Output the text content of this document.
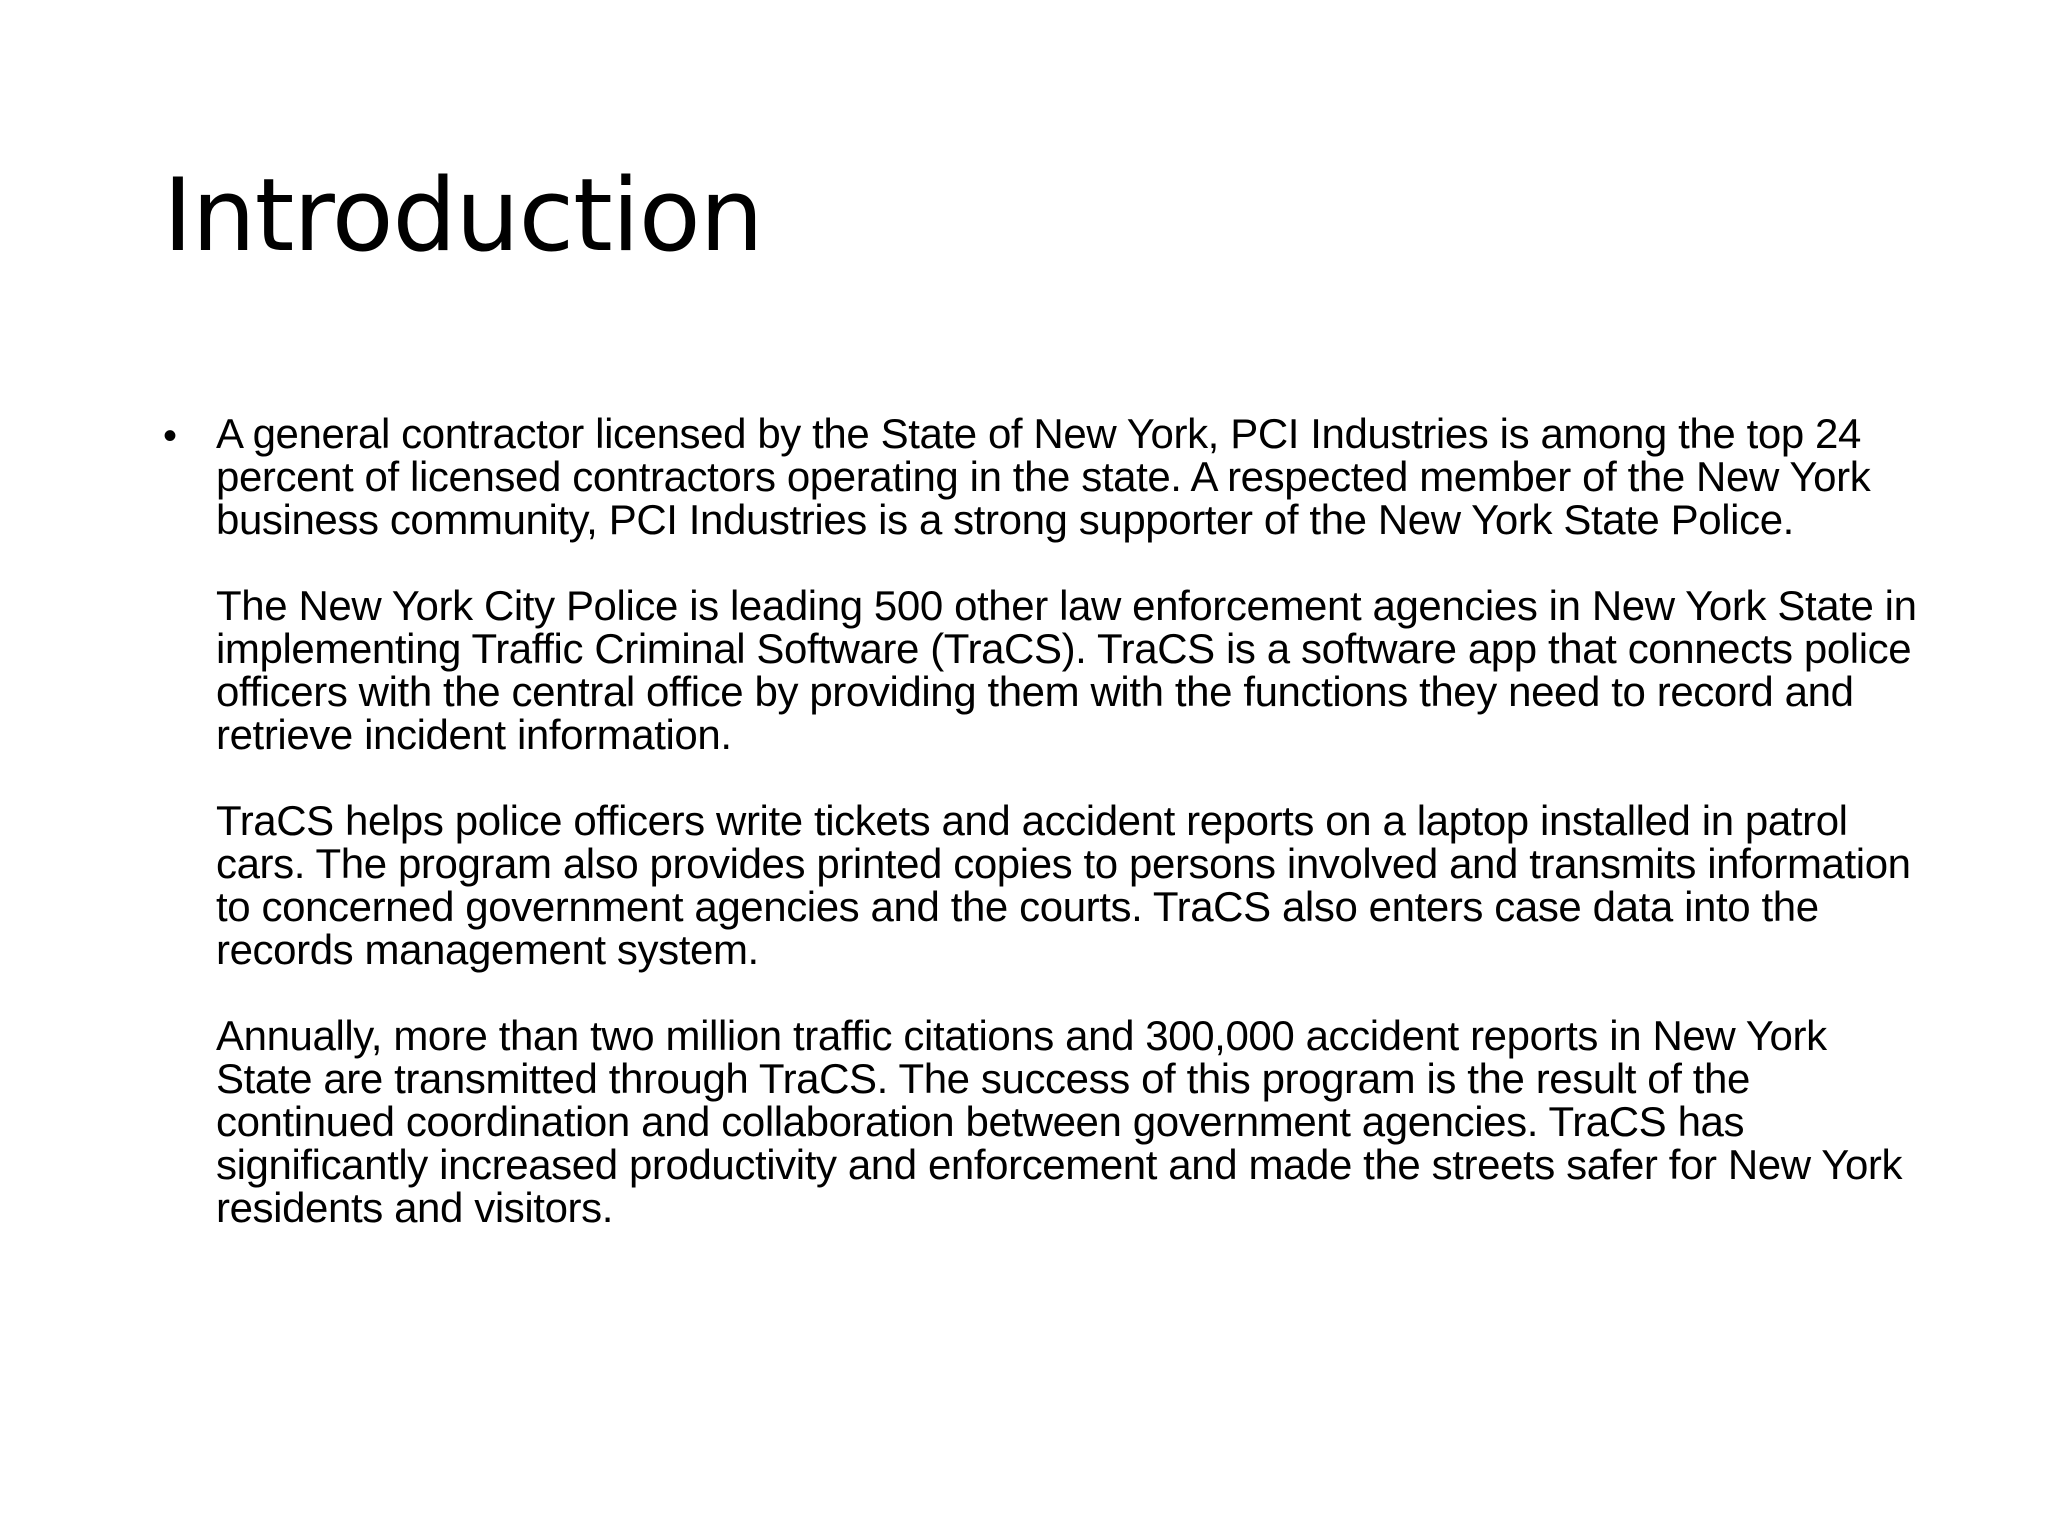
Introduction
• A general contractor licensed by the State of New York, PCI Industries is among the top 24 percent of licensed contractors operating in the state. A respected member of the New York business community, PCI Industries is a strong supporter of the New York State Police.

The New York City Police is leading 500 other law enforcement agencies in New York State in implementing Traffic Criminal Software (TraCS). TraCS is a software app that connects police officers with the central office by providing them with the functions they need to record and retrieve incident information.

TraCS helps police officers write tickets and accident reports on a laptop installed in patrol cars. The program also provides printed copies to persons involved and transmits information to concerned government agencies and the courts. TraCS also enters case data into the records management system.

Annually, more than two million traffic citations and 300,000 accident reports in New York State are transmitted through TraCS. The success of this program is the result of the continued coordination and collaboration between government agencies. TraCS has significantly increased productivity and enforcement and made the streets safer for New York residents and visitors.
